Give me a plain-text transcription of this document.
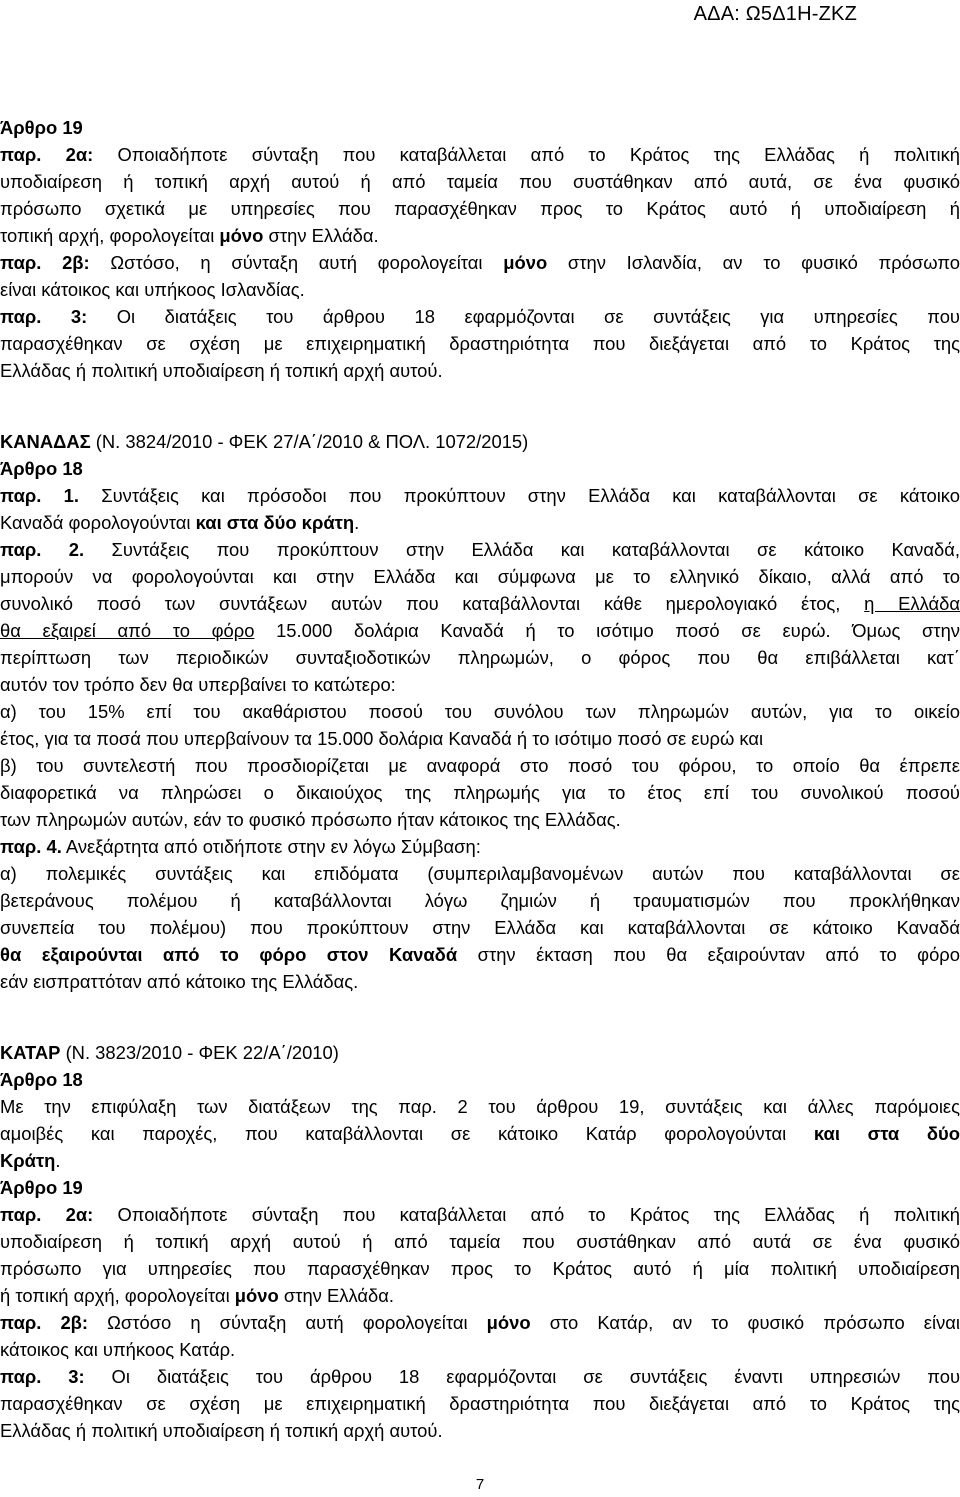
ΑΔΑ: Ω5Δ1Η-ΖΚΖ
Άρθρο 19
παρ. 2α: Οποιαδήποτε σύνταξη που καταβάλλεται από το Κράτος της Ελλάδας ή πολιτική
υποδιαίρεση ή τοπική αρχή αυτού ή από ταμεία που συστάθηκαν από αυτά, σε ένα φυσικό
πρόσωπο σχετικά με υπηρεσίες που παρασχέθηκαν προς το Κράτος αυτό ή υποδιαίρεση ή
τοπική αρχή, φορολογείται μόνο στην Ελλάδα.
παρ. 2β: Ωστόσο, η σύνταξη αυτή φορολογείται μόνο στην Ισλανδία, αν το φυσικό πρόσωπο
είναι κάτοικος και υπήκοος Ισλανδίας.
παρ. 3: Οι διατάξεις του άρθρου 18 εφαρμόζονται σε συντάξεις για υπηρεσίες που
παρασχέθηκαν σε σχέση με επιχειρηματική δραστηριότητα που διεξάγεται από το Κράτος της
Ελλάδας ή πολιτική υποδιαίρεση ή τοπική αρχή αυτού.
ΚΑΝΑΔΑΣ (Ν. 3824/2010 - ΦΕΚ 27/Α΄/2010 & ΠΟΛ. 1072/2015)
Άρθρο 18
παρ. 1. Συντάξεις και πρόσοδοι που προκύπτουν στην Ελλάδα και καταβάλλονται σε κάτοικο
Καναδά φορολογούνται και στα δύο κράτη.
παρ. 2. Συντάξεις που προκύπτουν στην Ελλάδα και καταβάλλονται σε κάτοικο Καναδά,
μπορούν να φορολογούνται και στην Ελλάδα και σύμφωνα με το ελληνικό δίκαιο, αλλά από το
συνολικό ποσό των συντάξεων αυτών που καταβάλλονται κάθε ημερολογιακό έτος, η Ελλάδα
θα εξαιρεί από το φόρο 15.000 δολάρια Καναδά ή το ισότιμο ποσό σε ευρώ. Όμως στην
περίπτωση των περιοδικών συνταξιοδοτικών πληρωμών, ο φόρος που θα επιβάλλεται κατ΄
αυτόν τον τρόπο δεν θα υπερβαίνει το κατώτερο:
α) του 15% επί του ακαθάριστου ποσού του συνόλου των πληρωμών αυτών, για το οικείο
έτος, για τα ποσά που υπερβαίνουν τα 15.000 δολάρια Καναδά ή το ισότιμο ποσό σε ευρώ και
β) του συντελεστή που προσδιορίζεται με αναφορά στο ποσό του φόρου, το οποίο θα έπρεπε
διαφορετικά να πληρώσει ο δικαιούχος της πληρωμής για το έτος επί του συνολικού ποσού
των πληρωμών αυτών, εάν το φυσικό πρόσωπο ήταν κάτοικος της Ελλάδας.
παρ. 4. Ανεξάρτητα από οτιδήποτε στην εν λόγω Σύμβαση:
α) πολεμικές συντάξεις και επιδόματα (συμπεριλαμβανομένων αυτών που καταβάλλονται σε
βετεράνους πολέμου ή καταβάλλονται λόγω ζημιών ή τραυματισμών που προκλήθηκαν
συνεπεία του πολέμου) που προκύπτουν στην Ελλάδα και καταβάλλονται σε κάτοικο Καναδά
θα εξαιρούνται από το φόρο στον Καναδά στην έκταση που θα εξαιρούνταν από το φόρο
εάν εισπραττόταν από κάτοικο της Ελλάδας.
ΚΑΤΑΡ (Ν. 3823/2010 - ΦΕΚ 22/Α΄/2010)
Άρθρο 18
Με την επιφύλαξη των διατάξεων της παρ. 2 του άρθρου 19, συντάξεις και άλλες παρόμοιες
αμοιβές και παροχές, που καταβάλλονται σε κάτοικο Κατάρ φορολογούνται και στα δύο
Κράτη.
Άρθρο 19
παρ. 2α: Οποιαδήποτε σύνταξη που καταβάλλεται από το Κράτος της Ελλάδας ή πολιτική
υποδιαίρεση ή τοπική αρχή αυτού ή από ταμεία που συστάθηκαν από αυτά σε ένα φυσικό
πρόσωπο για υπηρεσίες που παρασχέθηκαν προς το Κράτος αυτό ή μία πολιτική υποδιαίρεση
ή τοπική αρχή, φορολογείται μόνο στην Ελλάδα.
παρ. 2β: Ωστόσο η σύνταξη αυτή φορολογείται μόνο στο Κατάρ, αν το φυσικό πρόσωπο είναι
κάτοικος και υπήκοος Κατάρ.
παρ. 3: Οι διατάξεις του άρθρου 18 εφαρμόζονται σε συντάξεις έναντι υπηρεσιών που
παρασχέθηκαν σε σχέση με επιχειρηματική δραστηριότητα που διεξάγεται από το Κράτος της
Ελλάδας ή πολιτική υποδιαίρεση ή τοπική αρχή αυτού.
7
